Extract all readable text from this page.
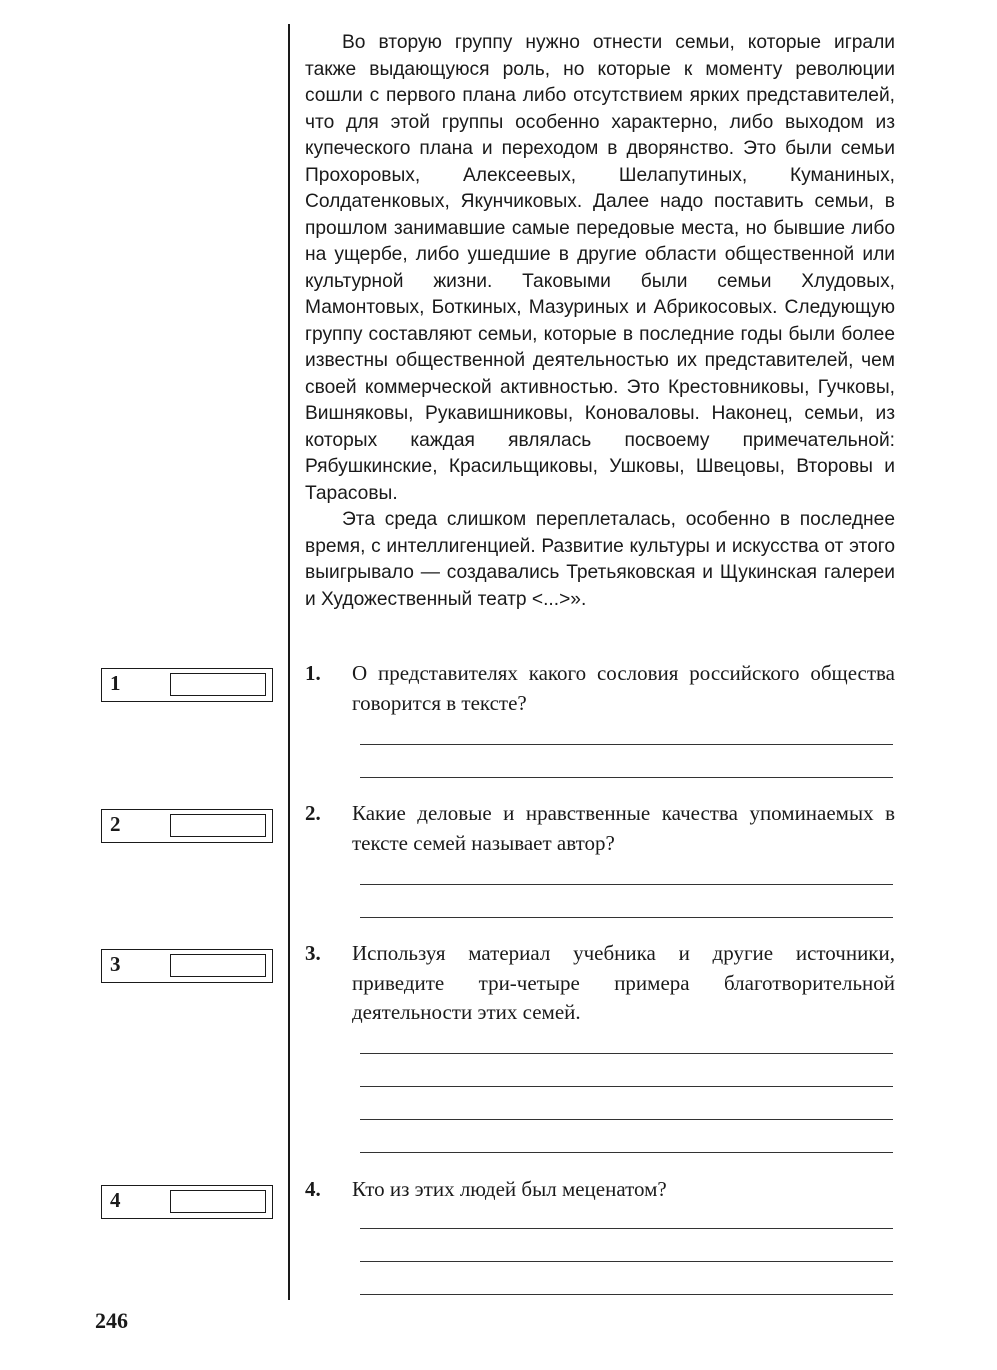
Во вторую группу нужно отнести семьи, которые играли также выдающуюся роль, но которые к моменту революции сошли с первого плана либо отсутствием ярких представителей, что для этой группы особенно характерно, либо выходом из купеческого плана и переходом в дворянство. Это были семьи Прохоровых, Алексеевых, Шелапутиных, Куманиных, Солдатенковых, Якунчиковых. Далее надо поставить семьи, в прошлом занимавшие самые передовые места, но бывшие либо на ущербе, либо ушедшие в другие области общественной или культурной жизни. Таковыми были семьи Хлудовых, Мамонтовых, Боткиных, Мазуриных и Абрикосовых. Следующую группу составляют семьи, которые в последние годы были более известны общественной деятельностью их представителей, чем своей коммерческой активностью. Это Крестовниковы, Гучковы, Вишняковы, Рукавишниковы, Коноваловы. Наконец, семьи, из которых каждая являлась посвоему примечательной: Рябушкинские, Красильщиковы, Ушковы, Швецовы, Второвы и Тарасовы.

Эта среда слишком переплеталась, особенно в последнее время, с интеллигенцией. Развитие культуры и искусства от этого выигрывало — создавались Третьяковская и Щукинская галереи и Художественный театр <...>».

1
2
3
4
1. О представителях какого сословия российского общества говорится в тексте?
2. Какие деловые и нравственные качества упоминаемых в тексте семей называет автор?
3. Используя материал учебника и другие источники, приведите три-четыре примера благотворительной деятельности этих семей.
4. Кто из этих людей был меценатом?
246
